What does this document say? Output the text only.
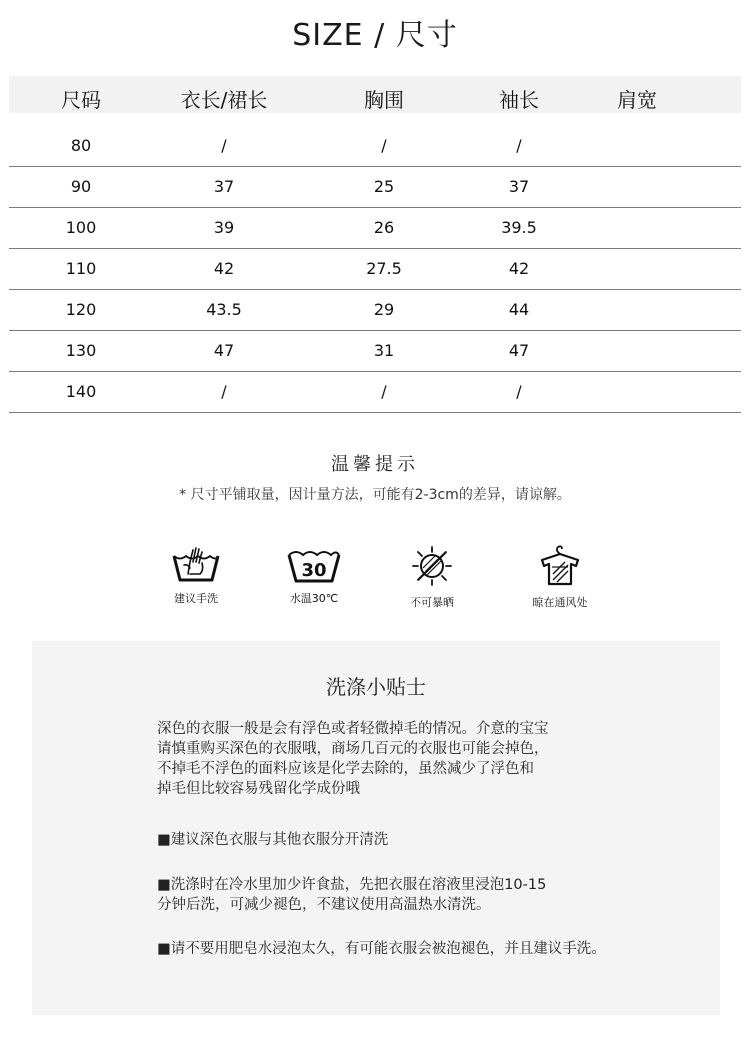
SIZE / 尺寸
尺码	衣长/裙长	胸围	袖长	肩宽
80	/	/	/
90	37	25	37
100	39	26	39.5
110	42	27.5	42
120	43.5	29	44
130	47	31	47
140	/	/	/
温馨提示
* 尺寸平铺取量，因计量方法，可能有2-3cm的差异，请谅解。
建议手洗
30
水温30℃	不可暴晒	晾在通风处
洗涤小贴士
深色的衣服一般是会有浮色或者轻微掉毛的情况。介意的宝宝
请慎重购买深色的衣服哦，商场几百元的衣服也可能会掉色，
不掉毛不浮色的面料应该是化学去除的，虽然减少了浮色和
掉毛但比较容易残留化学成份哦
■建议深色衣服与其他衣服分开清洗
■洗涤时在冷水里加少许食盐，先把衣服在溶液里浸泡10-15
分钟后洗，可减少褪色，不建议使用高温热水清洗。
■请不要用肥皂水浸泡太久，有可能衣服会被泡褪色，并且建议手洗。
